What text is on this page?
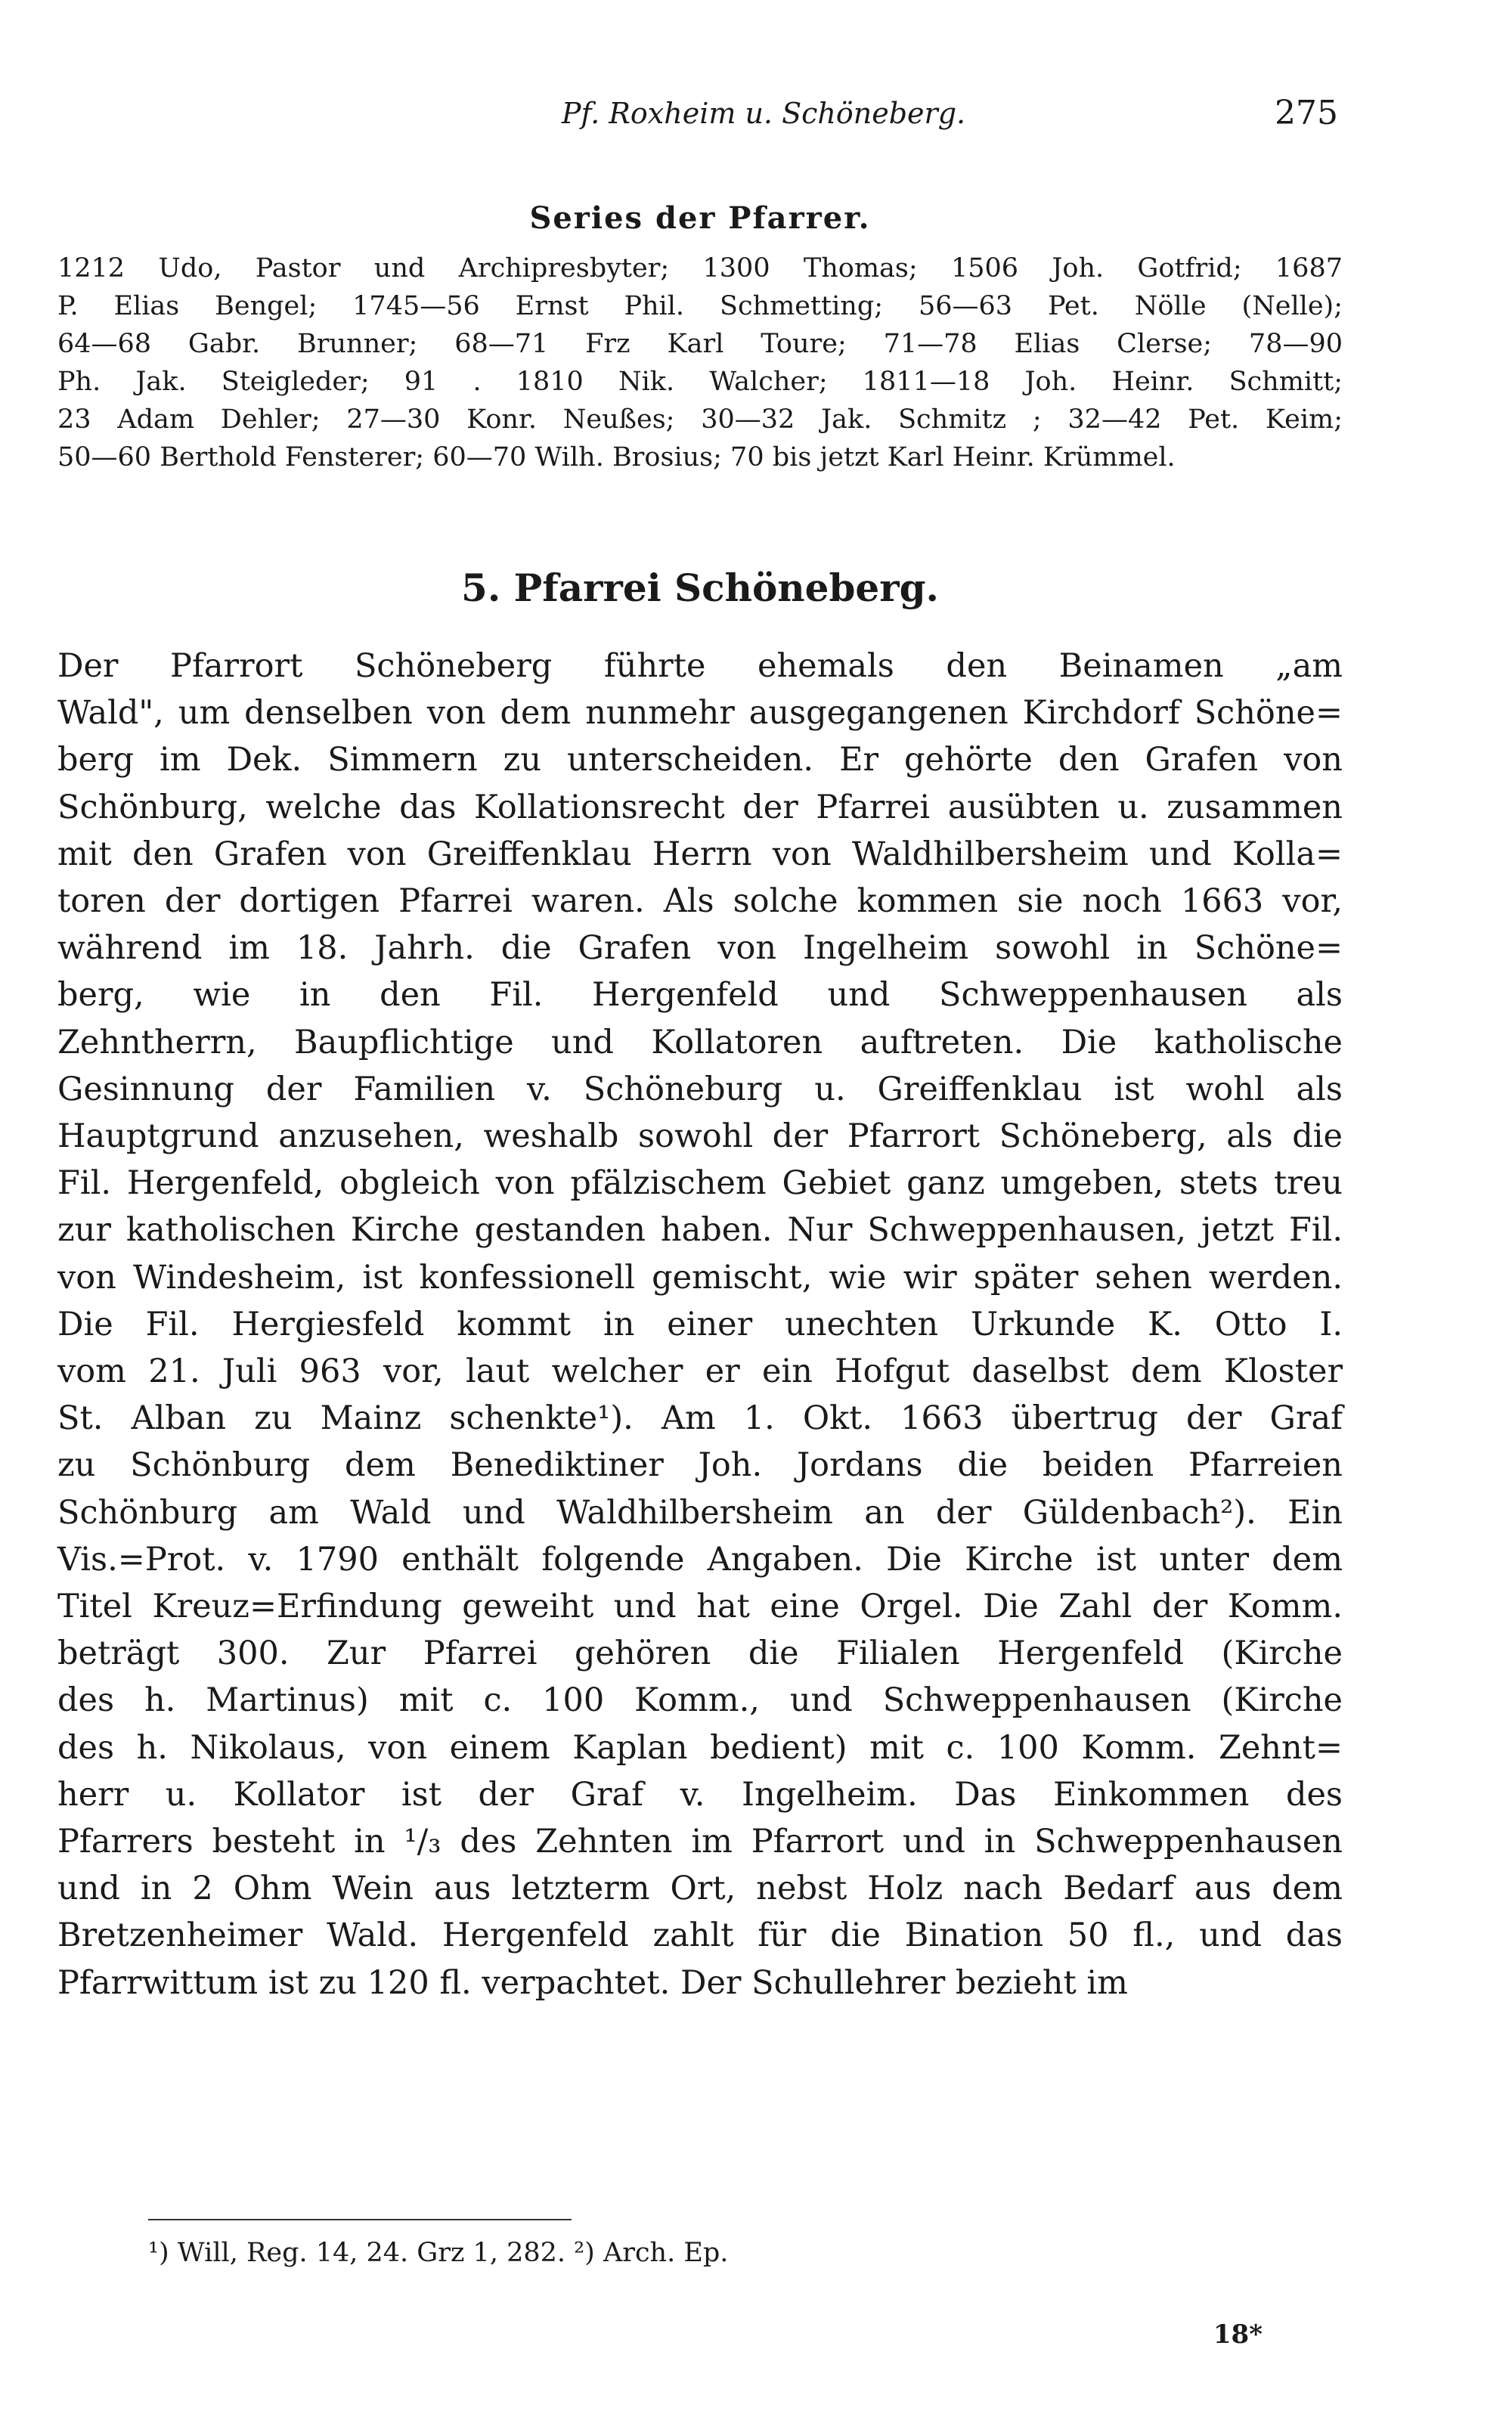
Pf. Roxheim u. Schöneberg.	275
Series der Pfarrer.
1212 Udo, Pastor und Archipresbyter; 1300 Thomas; 1506 Joh. Gotfrid; 1687
P. Elias Bengel; 1745—56 Ernst Phil. Schmetting; 56—63 Pet. Nölle (Nelle);
64—68 Gabr. Brunner; 68—71 Frz Karl Toure; 71—78 Elias Clerse; 78—90
Ph. Jak. Steigleder; 91 . 1810 Nik. Walcher; 1811—18 Joh. Heinr. Schmitt;
23 Adam Dehler; 27—30 Konr. Neußes; 30—32 Jak. Schmitz ; 32—42 Pet. Keim;
50—60 Berthold Fensterer; 60—70 Wilh. Brosius; 70 bis jetzt Karl Heinr. Krümmel.
5. Pfarrei Schöneberg.
Der Pfarrort Schöneberg führte ehemals den Beinamen „am
Wald", um denselben von dem nunmehr ausgegangenen Kirchdorf Schöne=
berg im Dek. Simmern zu unterscheiden. Er gehörte den Grafen von
Schönburg, welche das Kollationsrecht der Pfarrei ausübten u. zusammen
mit den Grafen von Greiffenklau Herrn von Waldhilbersheim und Kolla=
toren der dortigen Pfarrei waren. Als solche kommen sie noch 1663 vor,
während im 18. Jahrh. die Grafen von Ingelheim sowohl in Schöne=
berg, wie in den Fil. Hergenfeld und Schweppenhausen als
Zehntherrn, Baupflichtige und Kollatoren auftreten. Die katholische
Gesinnung der Familien v. Schöneburg u. Greiffenklau ist wohl als
Hauptgrund anzusehen, weshalb sowohl der Pfarrort Schöneberg, als die
Fil. Hergenfeld, obgleich von pfälzischem Gebiet ganz umgeben, stets treu
zur katholischen Kirche gestanden haben. Nur Schweppenhausen, jetzt Fil.
von Windesheim, ist konfessionell gemischt, wie wir später sehen werden.
Die Fil. Hergiesfeld kommt in einer unechten Urkunde K. Otto I.
vom 21. Juli 963 vor, laut welcher er ein Hofgut daselbst dem Kloster
St. Alban zu Mainz schenkte¹). Am 1. Okt. 1663 übertrug der Graf
zu Schönburg dem Benediktiner Joh. Jordans die beiden Pfarreien
Schönburg am Wald und Waldhilbersheim an der Güldenbach²). Ein
Vis.=Prot. v. 1790 enthält folgende Angaben. Die Kirche ist unter dem
Titel Kreuz=Erfindung geweiht und hat eine Orgel. Die Zahl der Komm.
beträgt 300. Zur Pfarrei gehören die Filialen Hergenfeld (Kirche
des h. Martinus) mit c. 100 Komm., und Schweppenhausen (Kirche
des h. Nikolaus, von einem Kaplan bedient) mit c. 100 Komm. Zehnt=
herr u. Kollator ist der Graf v. Ingelheim. Das Einkommen des
Pfarrers besteht in ¹/₃ des Zehnten im Pfarrort und in Schweppenhausen
und in 2 Ohm Wein aus letzterm Ort, nebst Holz nach Bedarf aus dem
Bretzenheimer Wald. Hergenfeld zahlt für die Bination 50 fl., und das
Pfarrwittum ist zu 120 fl. verpachtet. Der Schullehrer bezieht im
¹) Will, Reg. 14, 24. Grz 1, 282. ²) Arch. Ep.
18*
